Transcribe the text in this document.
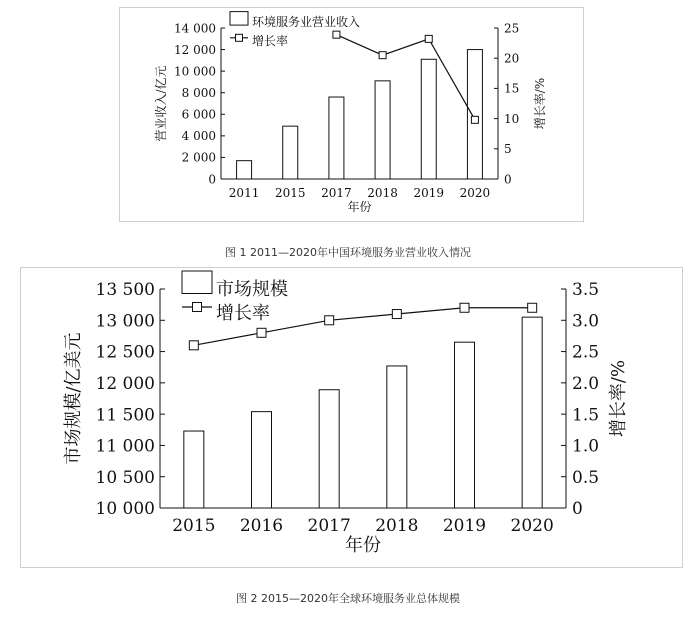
0
2 000
4 000
6 000
8 000
10 000
12 000
14 000
0
5
10
15
20
25
2011 2015 2017 2018 2019 2020
年份
营业收入/亿元	增长率/%
环境服务业营业收入
增长率
图 1 2011—2020年中国环境服务业营业收入情况
10 000
10 500
11 000
11 500
12 000
12 500
13 000
13 500
0
0.5
1.0
1.5
2.0
2.5
3.0
3.5
2015 2016 2017 2018 2019 2020
年份
市场规模/亿美元	增长率/%
市场规模
增长率
图 2 2015—2020年全球环境服务业总体规模
